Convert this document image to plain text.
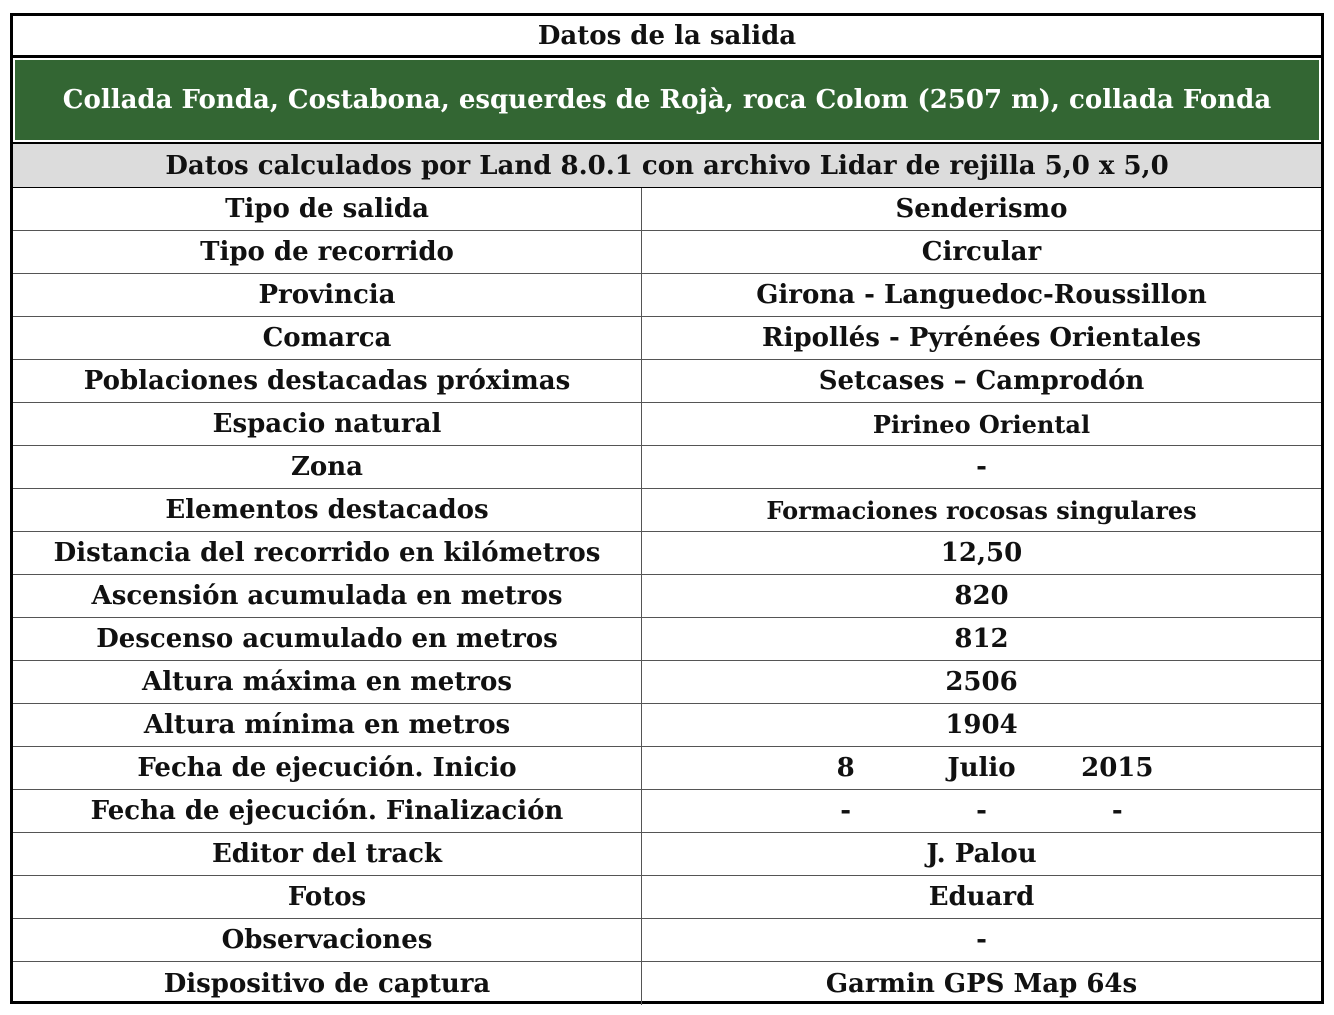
Datos de la salida
Collada Fonda, Costabona, esquerdes de Rojà, roca Colom (2507 m), collada Fonda
Datos calculados por Land 8.0.1 con archivo Lidar de rejilla 5,0 x 5,0
Tipo de salida	Senderismo
Tipo de recorrido	Circular
Provincia	Girona - Languedoc-Roussillon
Comarca	Ripollés - Pyrénées Orientales
Poblaciones destacadas próximas	Setcases – Camprodón
Espacio natural	Pirineo Oriental
Zona	-
Elementos destacados	Formaciones rocosas singulares
Distancia del recorrido en kilómetros	12,50
Ascensión acumulada en metros	820
Descenso acumulado en metros	812
Altura máxima en metros	2506
Altura mínima en metros	1904
Fecha de ejecución. Inicio	8	Julio	2015
Fecha de ejecución. Finalización	-	-	-
Editor del track	J. Palou
Fotos	Eduard
Observaciones	-
Dispositivo de captura	Garmin GPS Map 64s
